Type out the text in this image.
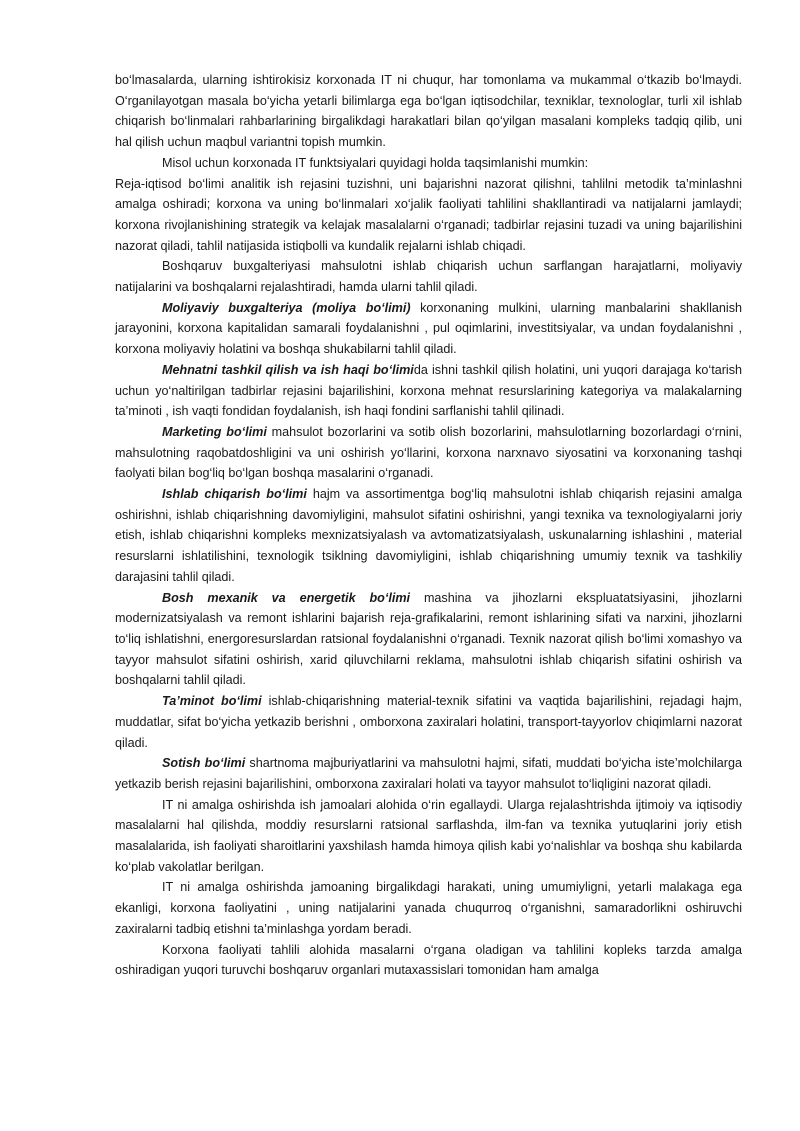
bo‘lmasalarda, ularning ishtirokisiz korxonada IT ni chuqur, har tomonlama va mukammal o‘tkazib bo‘lmaydi. O‘rganilayotgan masala bo‘yicha yetarli bilimlarga ega bo‘lgan iqtisodchilar, texniklar, texnologlar, turli xil ishlab chiqarish bo‘linmalari rahbarlarining birgalikdagi harakatlari bilan qo‘yilgan masalani kompleks tadqiq qilib, uni hal qilish uchun maqbul variantni topish mumkin.

Misol uchun korxonada IT funktsiyalari quyidagi holda taqsimlanishi mumkin:

Reja-iqtisod bo‘limi analitik ish rejasini tuzishni, uni bajarishni nazorat qilishni, tahlilni metodik ta’minlashni amalga oshiradi; korxona va uning bo‘linmalari xo‘jalik faoliyati tahlilini shakllantiradi va natijalarni jamlaydi; korxona rivojlanishining strategik va kelajak masalalarni o‘rganadi; tadbirlar rejasini tuzadi va uning bajarilishini nazorat qiladi, tahlil natijasida istiqbolli va kundalik rejalarni ishlab chiqadi.

Boshqaruv buxgalteriyasi mahsulotni ishlab chiqarish uchun sarflangan harajatlarni, moliyaviy natijalarini va boshqalarni rejalashtiradi, hamda ularni tahlil qiladi.

Moliyaviy buxgalteriya (moliya bo‘limi) korxonaning mulkini, ularning manbalarini shakllanish jarayonini, korxona kapitalidan samarali foydalanishni , pul oqimlarini, investitsiyalar, va undan foydalanishni , korxona moliyaviy holatini va boshqa shukabilarni tahlil qiladi.

Mehnatni tashkil qilish va ish haqi bo‘limida ishni tashkil qilish holatini, uni yuqori darajaga ko‘tarish uchun yo‘naltirilgan tadbirlar rejasini bajarilishini, korxona mehnat resurslarining kategoriya va malakalarning ta’minoti , ish vaqti fondidan foydalanish, ish haqi fondini sarflanishi tahlil qilinadi.

Marketing bo‘limi mahsulot bozorlarini va sotib olish bozorlarini, mahsulotlarning bozorlardagi o‘rnini, mahsulotning raqobatdoshligini va uni oshirish yo‘llarini, korxona narxnavo siyosatini va korxonaning tashqi faolyati bilan bog‘liq bo‘lgan boshqa masalarini o‘rganadi.

Ishlab chiqarish bo‘limi hajm va assortimentga bog‘liq mahsulotni ishlab chiqarish rejasini amalga oshirishni, ishlab chiqarishning davomiyligini, mahsulot sifatini oshirishni, yangi texnika va texnologiyalarni joriy etish, ishlab chiqarishni kompleks mexnizatsiyalash va avtomatizatsiyalash, uskunalarning ishlashini , material resurslarni ishlatilishini, texnologik tsiklning davomiyligini, ishlab chiqarishning umumiy texnik va tashkiliy darajasini tahlil qiladi.

Bosh mexanik va energetik bo‘limi mashina va jihozlarni ekspluatatsiyasini, jihozlarni modernizatsiyalash va remont ishlarini bajarish reja-grafikalarini, remont ishlarining sifati va narxini, jihozlarni to‘liq ishlatishni, energoresurslardan ratsional foydalanishni o‘rganadi. Texnik nazorat qilish bo‘limi xomashyo va tayyor mahsulot sifatini oshirish, xarid qiluvchilarni reklama, mahsulotni ishlab chiqarish sifatini oshirish va boshqalarni tahlil qiladi.

Ta’minot bo‘limi ishlab-chiqarishning material-texnik sifatini va vaqtida bajarilishini, rejadagi hajm, muddatlar, sifat bo‘yicha yetkazib berishni , omborxona zaxiralari holatini, transport-tayyorlov chiqimlarni nazorat qiladi.

Sotish bo‘limi shartnoma majburiyatlarini va mahsulotni hajmi, sifati, muddati bo‘yicha iste’molchilarga yetkazib berish rejasini bajarilishini, omborxona zaxiralari holati va tayyor mahsulot to‘liqligini nazorat qiladi.

IT ni amalga oshirishda ish jamoalari alohida o‘rin egallaydi. Ularga rejalashtrishda ijtimoiy va iqtisodiy masalalarni hal qilishda, moddiy resurslarni ratsional sarflashda, ilm-fan va texnika yutuqlarini joriy etish masalalarida, ish faoliyati sharoitlarini yaxshilash hamda himoya qilish kabi yo‘nalishlar va boshqa shu kabilarda ko‘plab vakolatlar berilgan.

IT ni amalga oshirishda jamoaning birgalikdagi harakati, uning umumiyligni, yetarli malakaga ega ekanligi, korxona faoliyatini , uning natijalarini yanada chuqurroq o‘rganishni, samaradorlikni oshiruvchi zaxiralarni tadbiq etishni ta’minlashga yordam beradi.

Korxona faoliyati tahlili alohida masalarni o‘rgana oladigan va tahlilini kopleks tarzda amalga oshiradigan yuqori turuvchi boshqaruv organlari mutaxassislari tomonidan ham amalga
